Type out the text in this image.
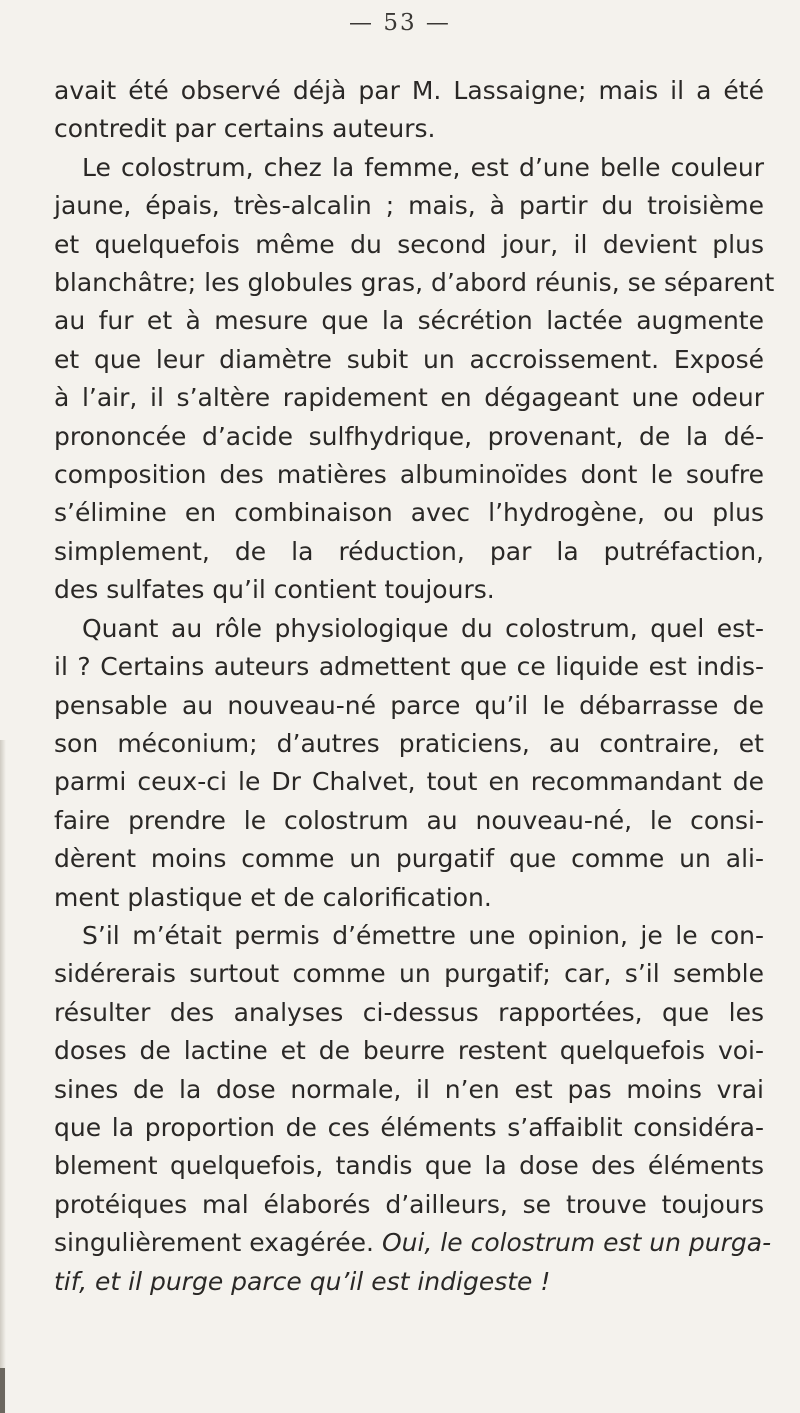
— 53 —
avait été observé déjà par M. Lassaigne; mais il a été
contredit par certains auteurs.
Le colostrum, chez la femme, est d’une belle couleur
jaune, épais, très-alcalin ; mais, à partir du troisième
et quelquefois même du second jour, il devient plus
blanchâtre; les globules gras, d’abord réunis, se séparent
au fur et à mesure que la sécrétion lactée augmente
et que leur diamètre subit un accroissement. Exposé
à l’air, il s’altère rapidement en dégageant une odeur
prononcée d’acide sulfhydrique, provenant, de la dé-
composition des matières albuminoïdes dont le soufre
s’élimine en combinaison avec l’hydrogène, ou plus
simplement, de la réduction, par la putréfaction,
des sulfates qu’il contient toujours.
Quant au rôle physiologique du colostrum, quel est-
il ? Certains auteurs admettent que ce liquide est indis-
pensable au nouveau-né parce qu’il le débarrasse de
son méconium; d’autres praticiens, au contraire, et
parmi ceux-ci le Dr Chalvet, tout en recommandant de
faire prendre le colostrum au nouveau-né, le consi-
dèrent moins comme un purgatif que comme un ali-
ment plastique et de calorification.
S’il m’était permis d’émettre une opinion, je le con-
sidérerais surtout comme un purgatif; car, s’il semble
résulter des analyses ci-dessus rapportées, que les
doses de lactine et de beurre restent quelquefois voi-
sines de la dose normale, il n’en est pas moins vrai
que la proportion de ces éléments s’affaiblit considéra-
blement quelquefois, tandis que la dose des éléments
protéiques mal élaborés d’ailleurs, se trouve toujours
singulièrement exagérée. Oui, le colostrum est un purga-
tif, et il purge parce qu’il est indigeste !
